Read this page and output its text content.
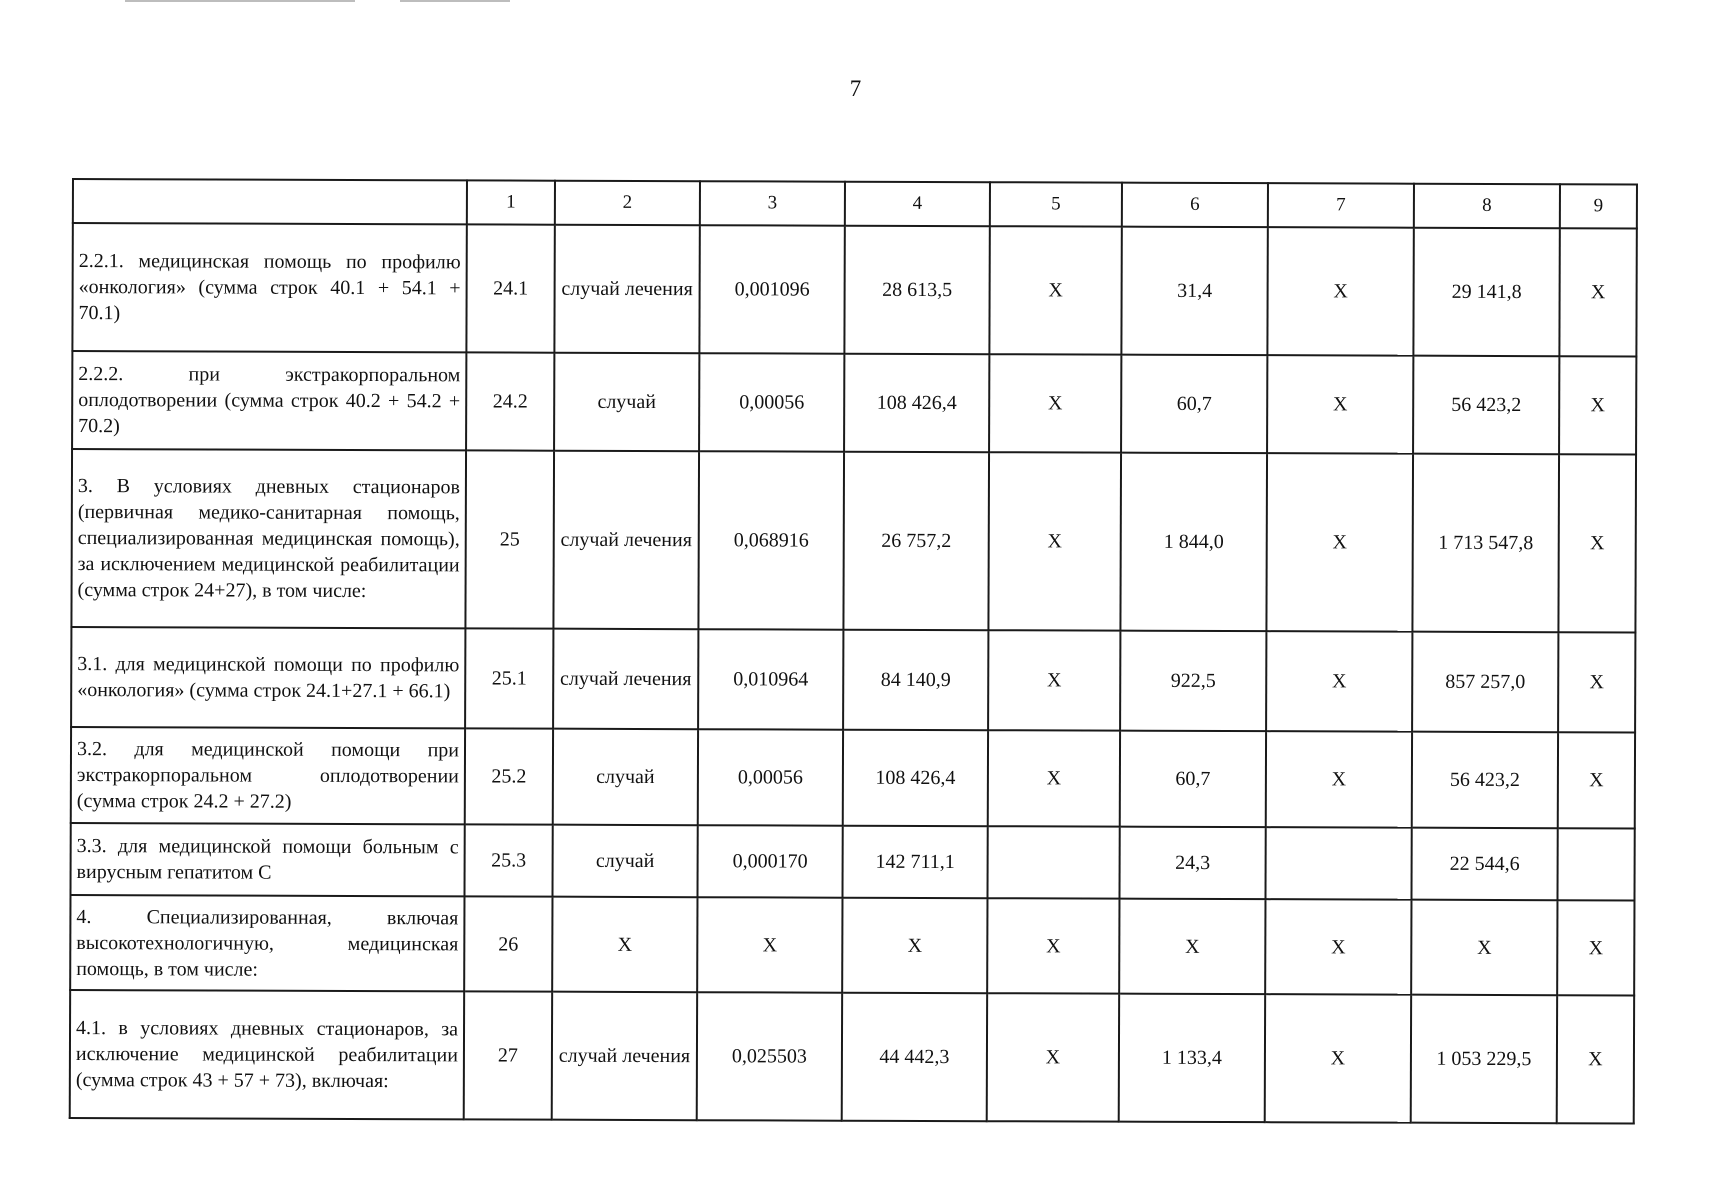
7
	1	2	3	4	5	6	7	8	9
2.2.1. медицинская помощь по профилю «онкология» (сумма строк 40.1 + 54.1 + 70.1)	24.1	случай лечения	0,001096	28 613,5	X	31,4	X	29 141,8	X
2.2.2. при экстракорпоральном оплодотворении (сумма строк 40.2 + 54.2 + 70.2)	24.2	случай	0,00056	108 426,4	X	60,7	X	56 423,2	X
3. В условиях дневных стационаров (первичная медико-санитарная помощь, специализированная медицинская помощь), за исключением медицинской реабилитации (сумма строк 24+27), в том числе:	25	случай лечения	0,068916	26 757,2	X	1 844,0	X	1 713 547,8	X
3.1. для медицинской помощи по профилю «онкология» (сумма строк 24.1+27.1 + 66.1)	25.1	случай лечения	0,010964	84 140,9	X	922,5	X	857 257,0	X
3.2. для медицинской помощи при экстракорпоральном оплодотворении (сумма строк 24.2 + 27.2)	25.2	случай	0,00056	108 426,4	X	60,7	X	56 423,2	X
3.3. для медицинской помощи больным с вирусным гепатитом С	25.3	случай	0,000170	142 711,1		24,3		22 544,6	
4. Специализированная, включая высокотехнологичную, медицинская помощь, в том числе:	26	X	X	X	X	X	X	X	X
4.1. в условиях дневных стационаров, за исключение медицинской реабилитации (сумма строк 43 + 57 + 73), включая:	27	случай лечения	0,025503	44 442,3	X	1 133,4	X	1 053 229,5	X
